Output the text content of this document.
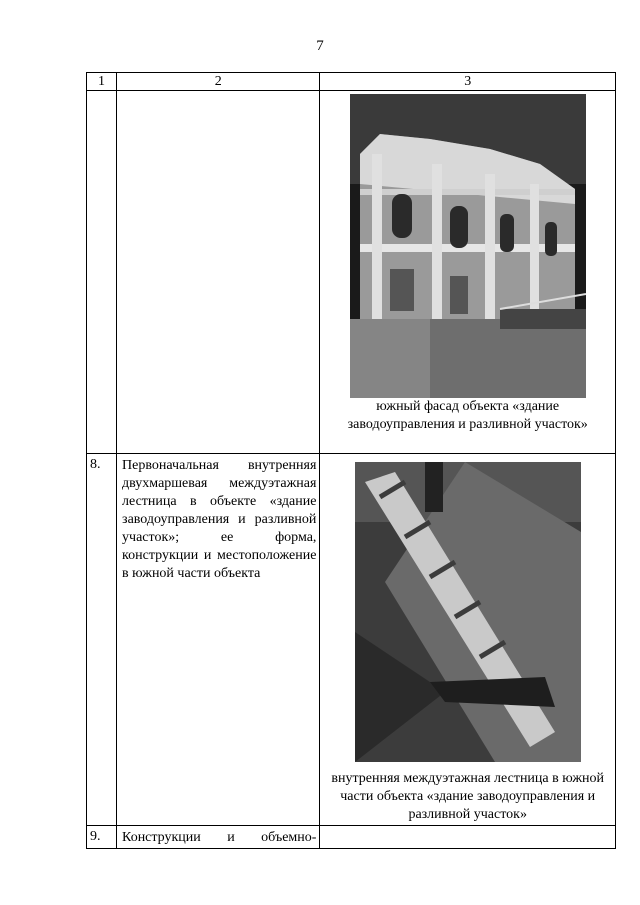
7
1	2	3

		южный фасад объекта «здание заводоуправления и разливной участок»

8.	Первоначальная внутренняя двухмаршевая междуэтажная лестница в объекте «здание заводоуправления и разливной участок»; ее форма, конструкции и местоположение в южной части объекта	внутренняя междуэтажная лестница в южной части объекта «здание заводоуправления и разливной участок»

9.	Конструкции и объемно-	
